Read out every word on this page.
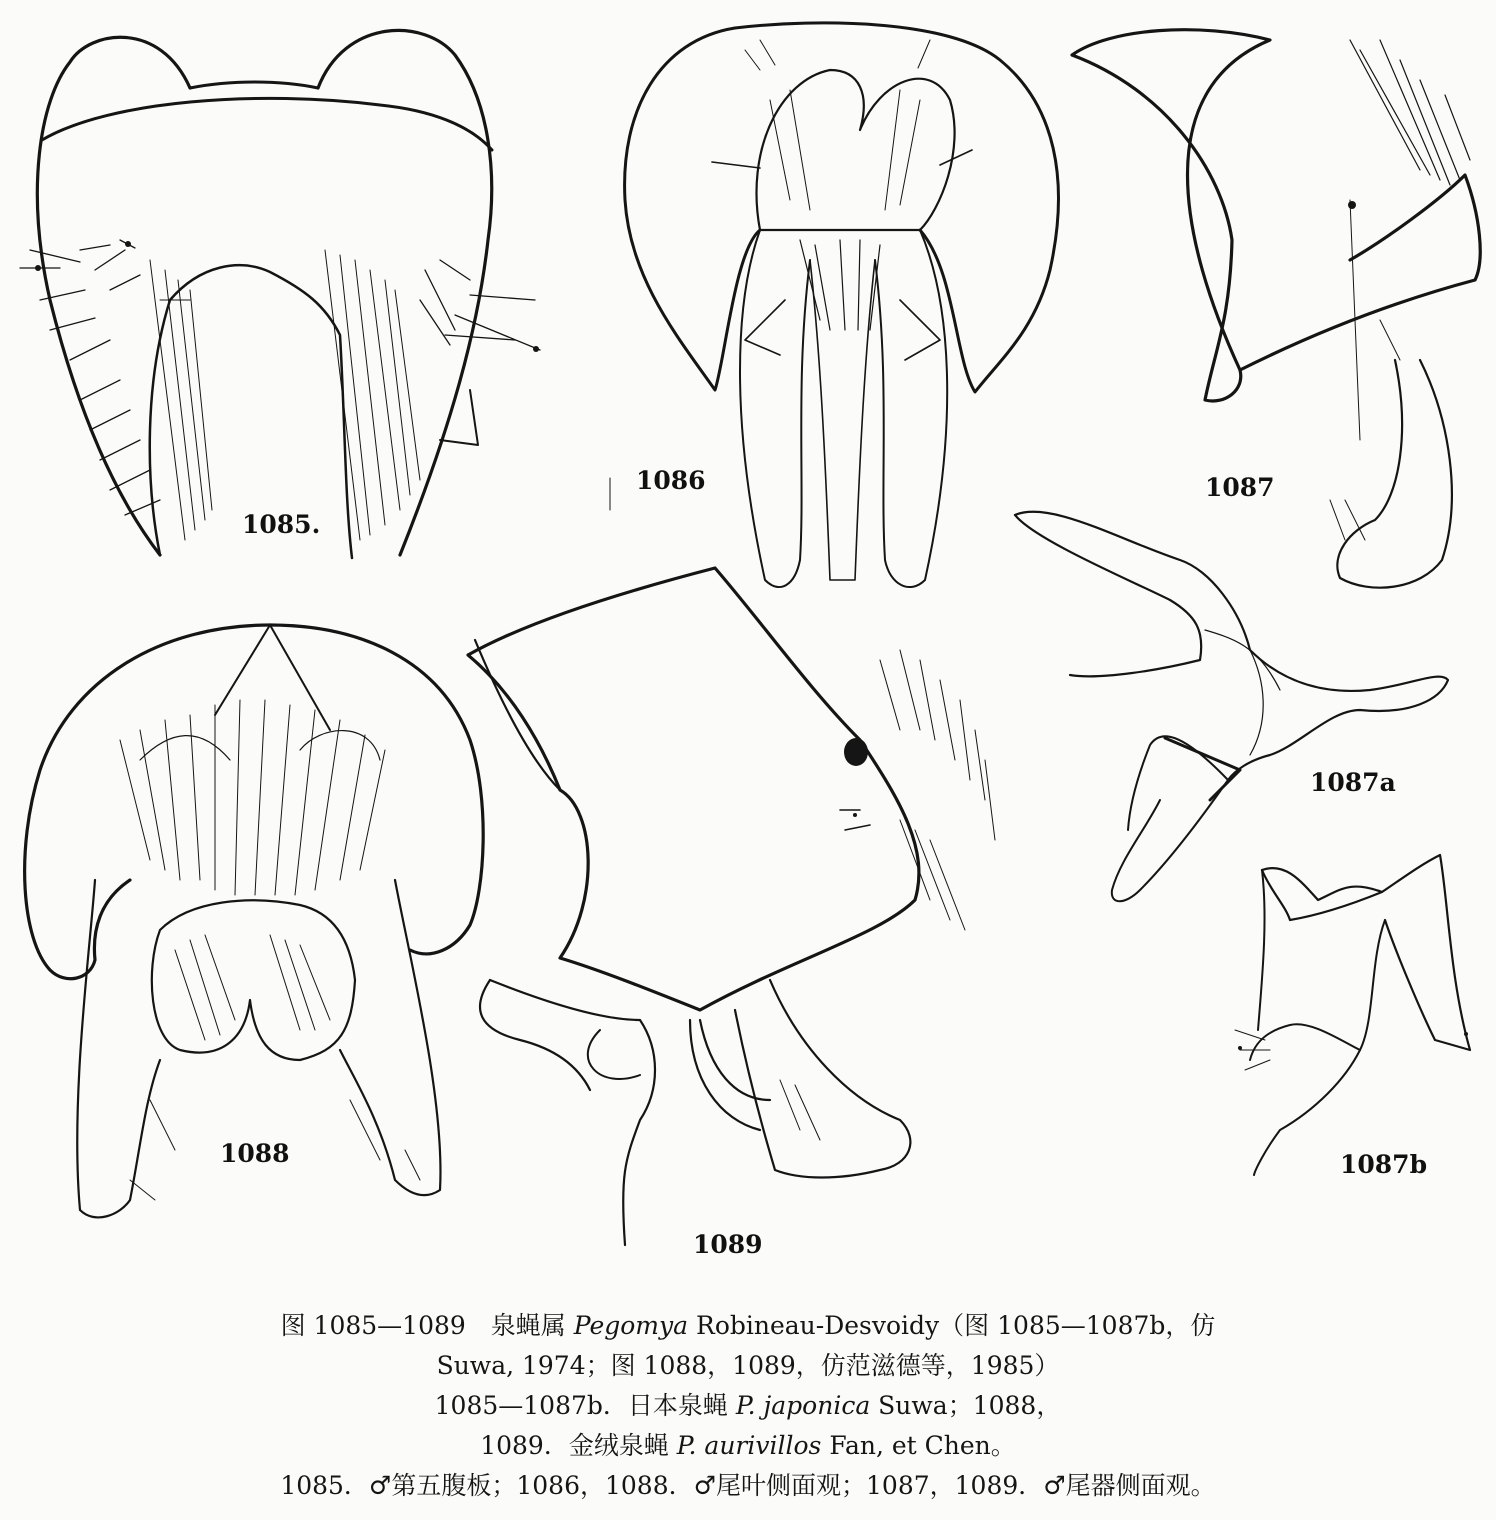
1085.
1086	1087
1087a
1087b
1088
1089
图 1085—1089　泉蝇属 Pegomya Robineau-Desvoidy（图 1085—1087b，仿
Suwa, 1974；图 1088，1089，仿范滋德等，1985）
1085—1087b．日本泉蝇 P. japonica Suwa；1088，
1089．金绒泉蝇 P. aurivillos Fan, et Chen。
1085．♂第五腹板；1086，1088．♂尾叶侧面观；1087，1089．♂尾器侧面观。
